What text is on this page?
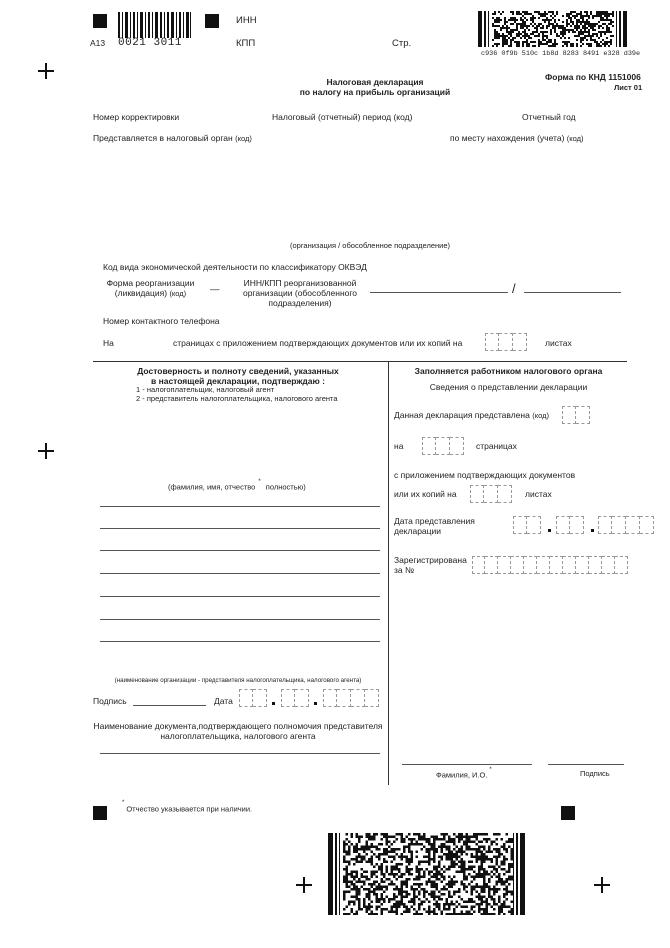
А13 0021 3011
ИНН
КПП	Стр.
c936 0f9b 510c 1b8d 8283 8491 e328 d39e
Налоговая декларация
по налогу на прибыль организаций
Форма по КНД 1151006
Лист 01
Номер корректировки	Налоговый (отчетный) период (код)	Отчетный год
Представляется в налоговый орган (код)	по месту нахождения (учета) (код)
(организация / обособленное подразделение)
Код вида экономической деятельности по классификатору ОКВЭД
Форма реорганизации
(ликвидация) (код)	—
ИНН/КПП реорганизованной
организации (обособленного
подразделения)
/
Номер контактного телефона
На	страницах с приложением подтверждающих документов или их копий на	листах
Достоверность и полноту сведений, указанных
в настоящей декларации, подтверждаю :
1 - налогоплательщик, налоговый агент
2 - представитель налогоплательщика, налогового агента
(фамилия, имя, отчество* полностью)
(наименование организации - представителя налогоплательщика, налогового агента)
Подпись	Дата
Наименование документа,подтверждающего полномочия представителя
налогоплательщика, налогового агента
Заполняется работником налогового органа
Сведения о представлении декларации
Данная декларация представлена (код)
на	страницах
с приложением подтверждающих документов
или их копий на	листах
Дата представления
декларации
Зарегистрирована
за №
Фамилия, И.О.*	Подпись
*Отчество указывается при наличии.
